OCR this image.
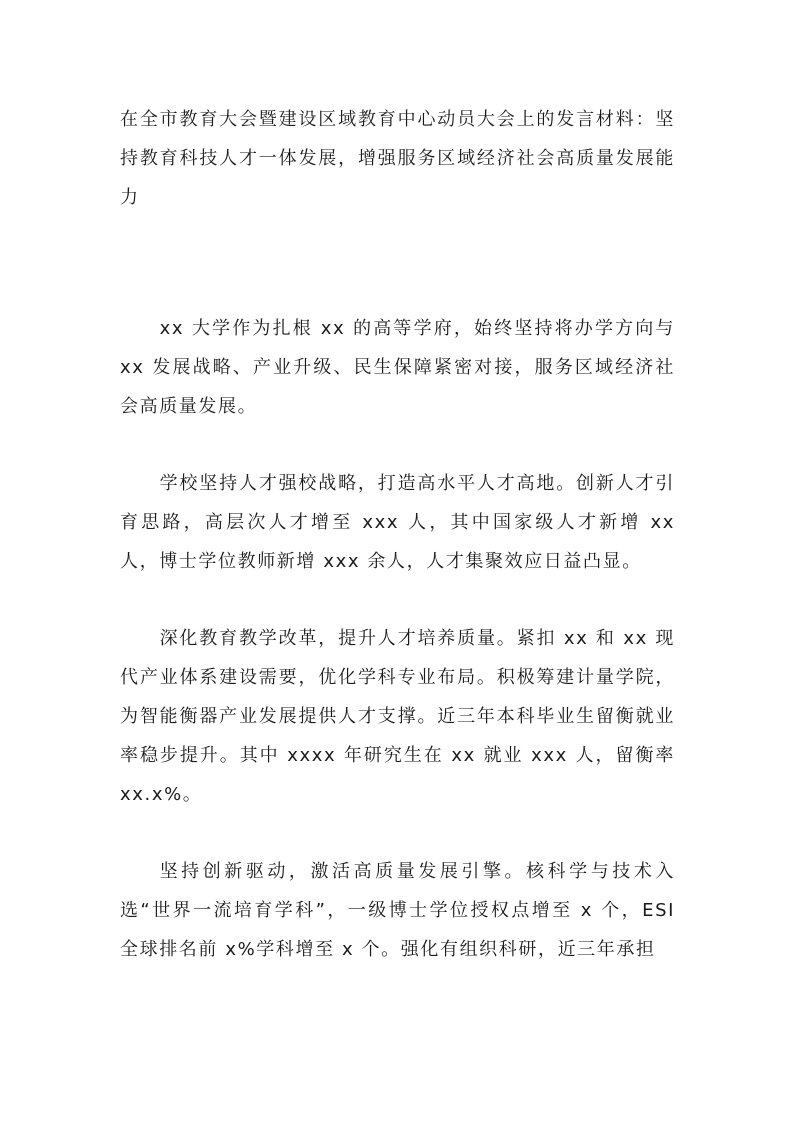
在全市教育大会暨建设区域教育中心动员大会上的发言材料：坚持教育科技人才一体发展，增强服务区域经济社会高质量发展能力

xx 大学作为扎根 xx 的高等学府，始终坚持将办学方向与 xx 发展战略、产业升级、民生保障紧密对接，服务区域经济社会高质量发展。

学校坚持人才强校战略，打造高水平人才高地。创新人才引育思路，高层次人才增至 xxx 人，其中国家级人才新增 xx 人，博士学位教师新增 xxx 余人，人才集聚效应日益凸显。

深化教育教学改革，提升人才培养质量。紧扣 xx 和 xx 现代产业体系建设需要，优化学科专业布局。积极筹建计量学院，为智能衡器产业发展提供人才支撑。近三年本科毕业生留衡就业率稳步提升。其中 xxxx 年研究生在 xx 就业 xxx 人，留衡率 xx.x%。

坚持创新驱动，激活高质量发展引擎。核科学与技术入选“世界一流培育学科”，一级博士学位授权点增至 x 个，ESI 全球排名前 x%学科增至 x 个。强化有组织科研，近三年承担
